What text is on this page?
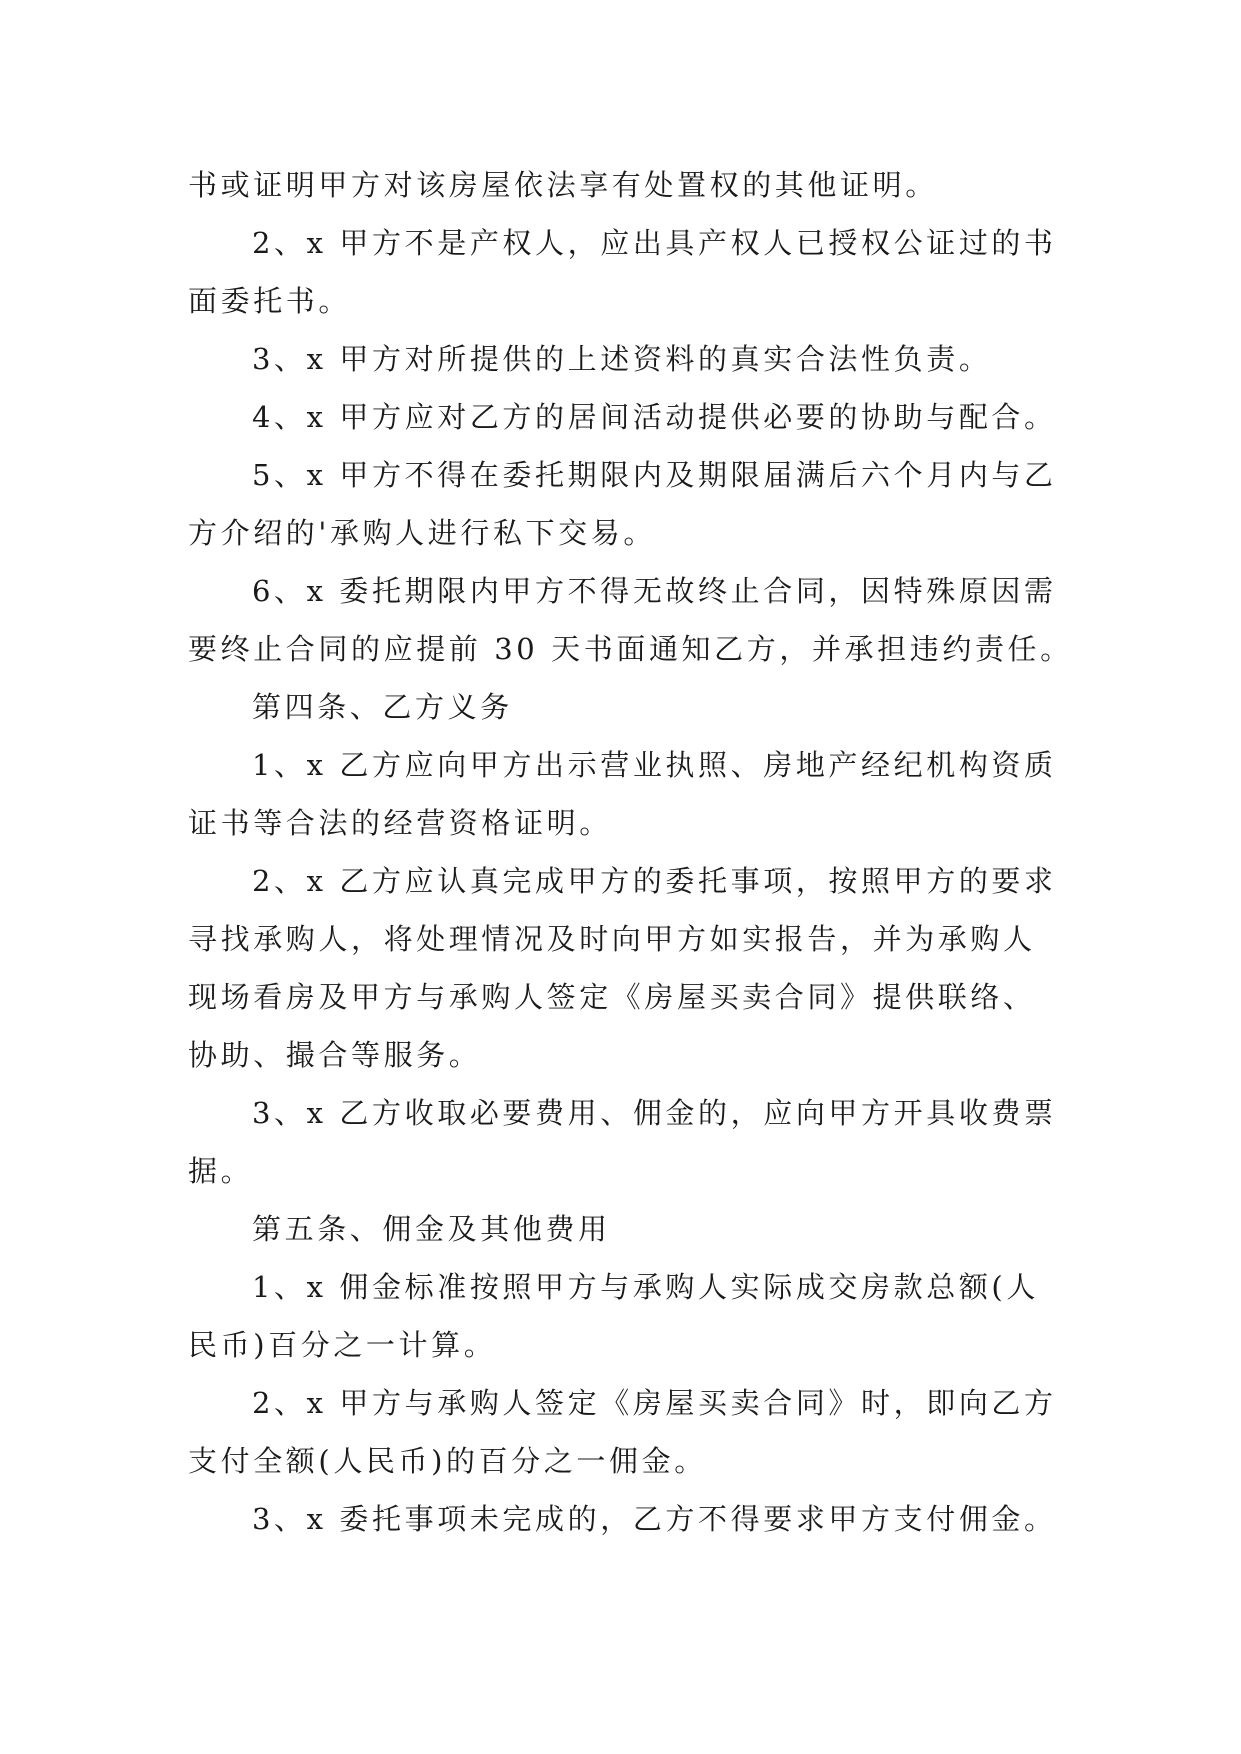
书或证明甲方对该房屋依法享有处置权的其他证明。

2、x 甲方不是产权人，应出具产权人已授权公证过的书

面委托书。

3、x 甲方对所提供的上述资料的真实合法性负责。

4、x 甲方应对乙方的居间活动提供必要的协助与配合。

5、x 甲方不得在委托期限内及期限届满后六个月内与乙

方介绍的'承购人进行私下交易。

6、x 委托期限内甲方不得无故终止合同，因特殊原因需

要终止合同的应提前 30 天书面通知乙方，并承担违约责任。

第四条、乙方义务

1、x 乙方应向甲方出示营业执照、房地产经纪机构资质

证书等合法的经营资格证明。

2、x 乙方应认真完成甲方的委托事项，按照甲方的要求

寻找承购人，将处理情况及时向甲方如实报告，并为承购人

现场看房及甲方与承购人签定《房屋买卖合同》提供联络、

协助、撮合等服务。

3、x 乙方收取必要费用、佣金的，应向甲方开具收费票

据。

第五条、佣金及其他费用

1、x 佣金标准按照甲方与承购人实际成交房款总额(人

民币)百分之一计算。

2、x 甲方与承购人签定《房屋买卖合同》时，即向乙方

支付全额(人民币)的百分之一佣金。

3、x 委托事项未完成的，乙方不得要求甲方支付佣金。
